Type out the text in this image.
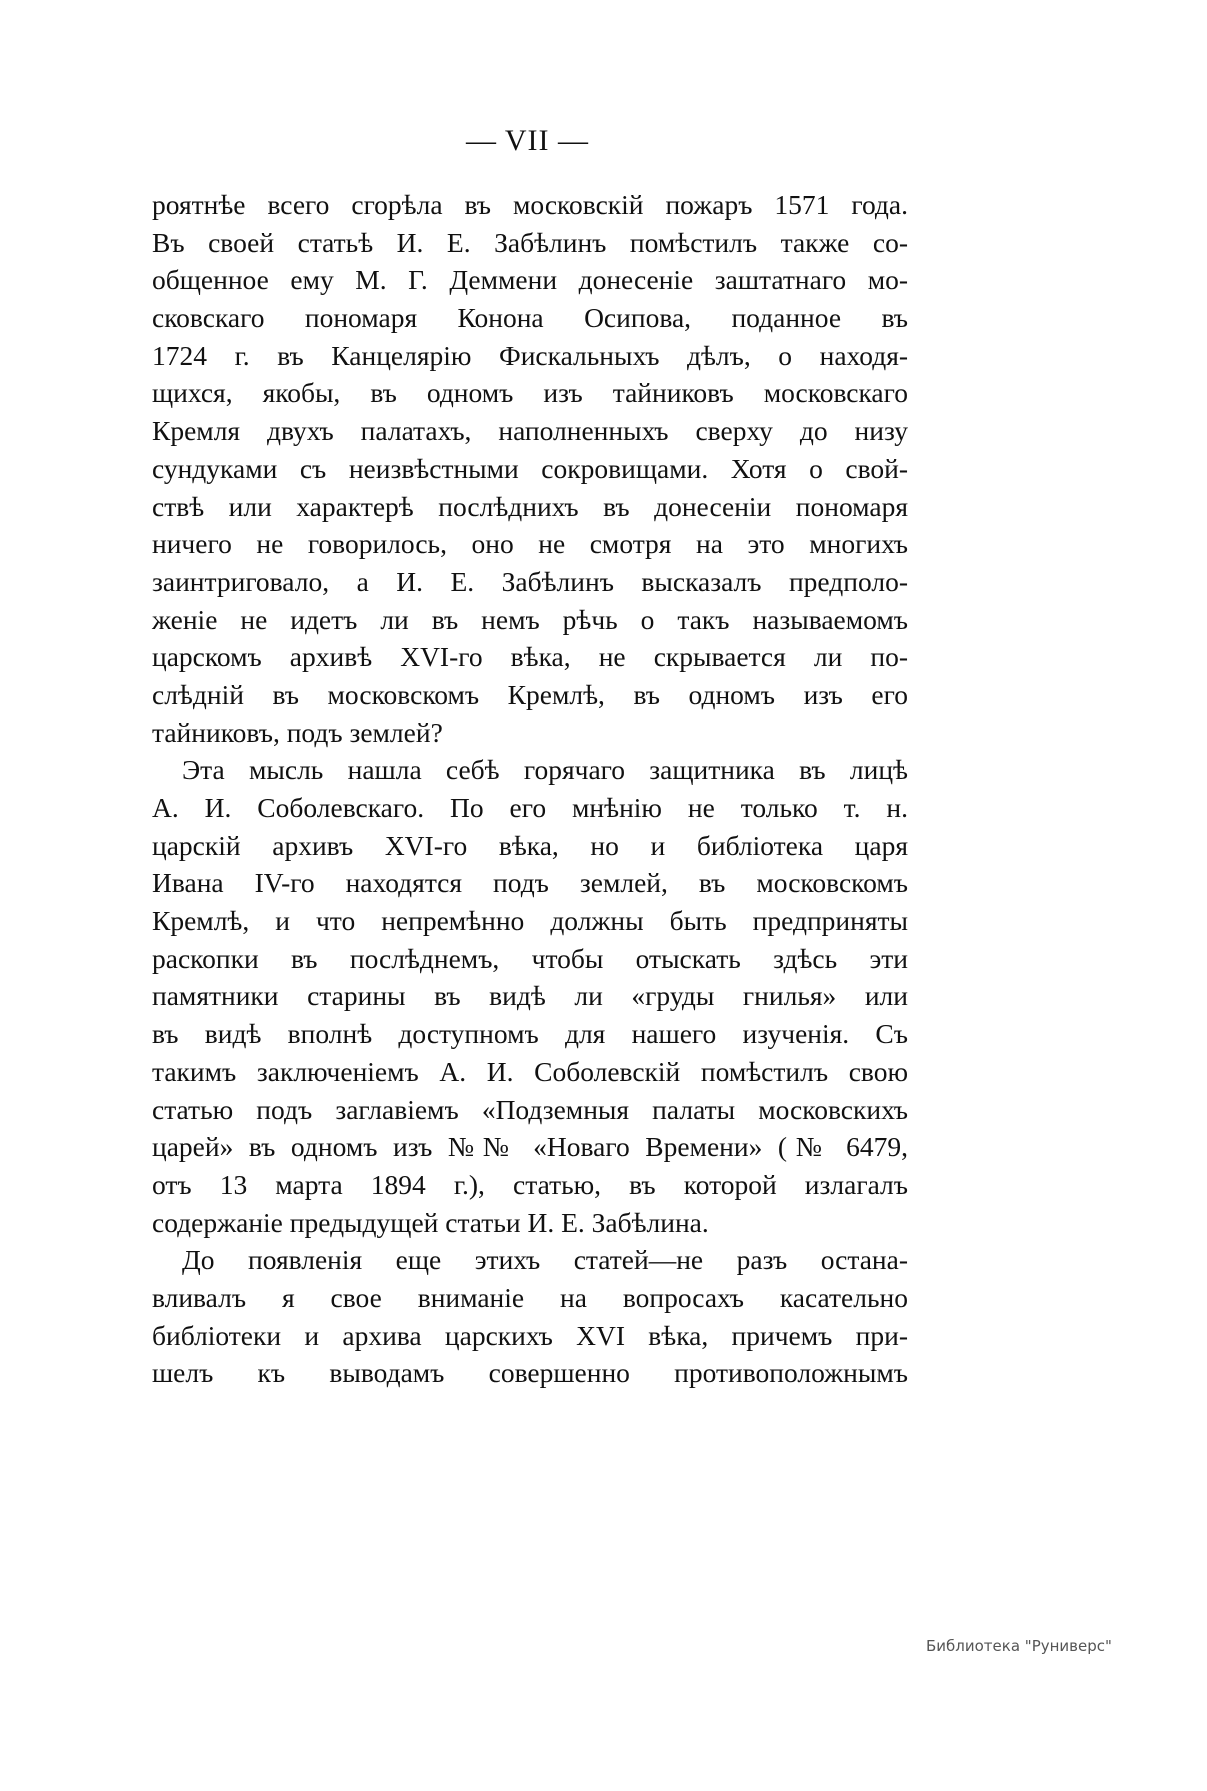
— VII —
роятнѣе всего сгорѣла въ московскій пожаръ 1571 года.
Въ своей статьѣ И. Е. Забѣлинъ помѣстилъ также со-
общенное ему М. Г. Деммени донесеніе заштатнаго мо-
сковскаго пономаря Конона Осипова, поданное въ
1724 г. въ Канцелярію Фискальныхъ дѣлъ, о находя-
щихся, якобы, въ одномъ изъ тайниковъ московскаго
Кремля двухъ палатахъ, наполненныхъ сверху до низу
сундуками съ неизвѣстными сокровищами. Хотя о свой-
ствѣ или характерѣ послѣднихъ въ донесеніи пономаря
ничего не говорилось, оно не смотря на это многихъ
заинтриговало, а И. Е. Забѣлинъ высказалъ предполо-
женіе не идетъ ли въ немъ рѣчь о такъ называемомъ
царскомъ архивѣ XVI-го вѣка, не скрывается ли по-
слѣдній въ московскомъ Кремлѣ, въ одномъ изъ его
тайниковъ, подъ землей?
Эта мысль нашла себѣ горячаго защитника въ лицѣ
А. И. Соболевскаго. По его мнѣнію не только т. н.
царскій архивъ XVI-го вѣка, но и библіотека царя
Ивана IV-го находятся подъ землей, въ московскомъ
Кремлѣ, и что непремѣнно должны быть предприняты
раскопки въ послѣднемъ, чтобы отыскать здѣсь эти
памятники старины въ видѣ ли «груды гнилья» или
въ видѣ вполнѣ доступномъ для нашего изученія. Съ
такимъ заключеніемъ А. И. Соболевскій помѣстилъ свою
статью подъ заглавіемъ «Подземныя палаты московскихъ
царей» въ одномъ изъ №№ «Новаго Времени» (№ 6479,
отъ 13 марта 1894 г.), статью, въ которой излагалъ
содержаніе предыдущей статьи И. Е. Забѣлина.
До появленія еще этихъ статей—не разъ остана-
вливалъ я свое вниманіе на вопросахъ касательно
библіотеки и архива царскихъ XVI вѣка, причемъ при-
шелъ къ выводамъ совершенно противоположнымъ
Библиотека "Руниверс"
